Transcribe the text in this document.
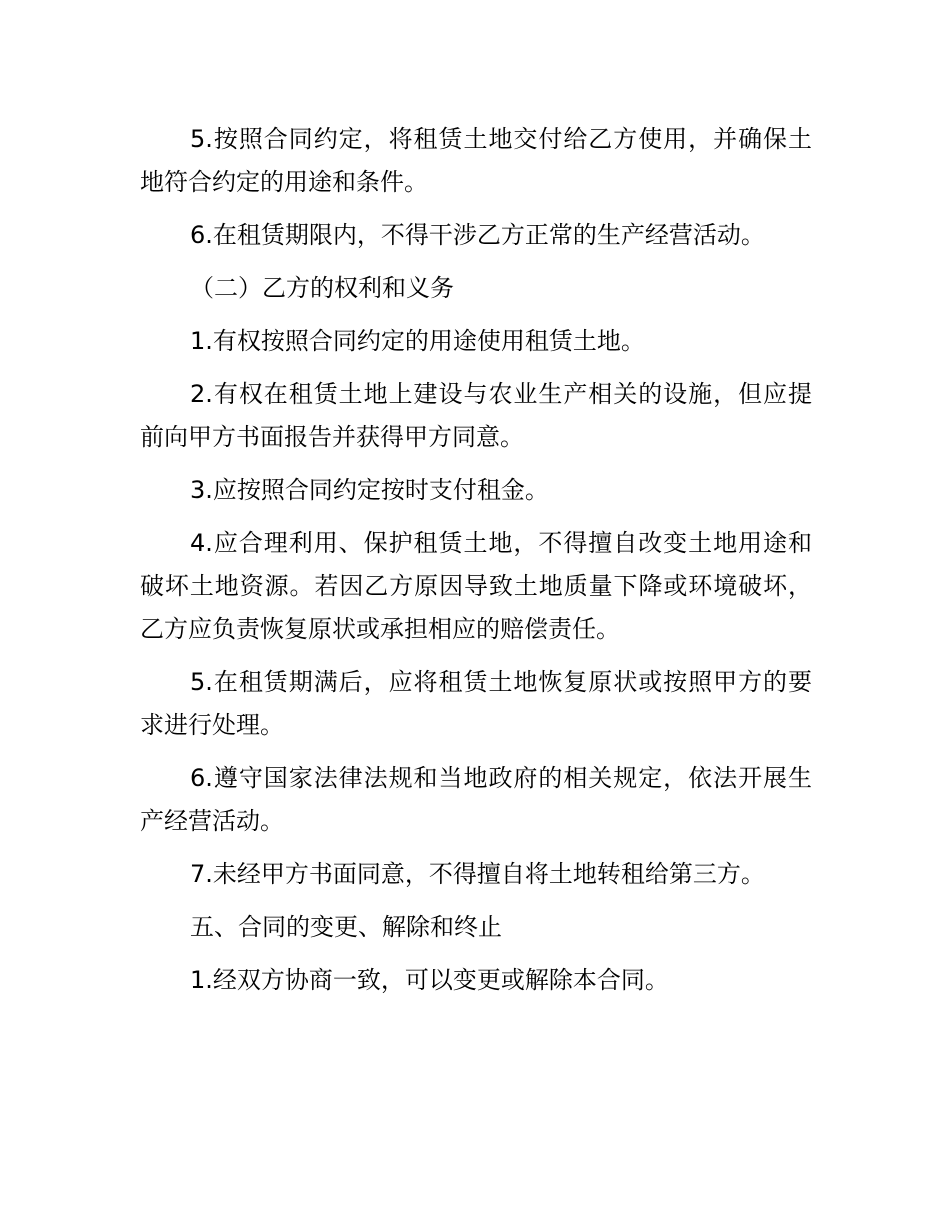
5.按照合同约定，将租赁土地交付给乙方使用，并确保土
地符合约定的用途和条件。
6.在租赁期限内，不得干涉乙方正常的生产经营活动。
（二）乙方的权利和义务
1.有权按照合同约定的用途使用租赁土地。
2.有权在租赁土地上建设与农业生产相关的设施，但应提
前向甲方书面报告并获得甲方同意。
3.应按照合同约定按时支付租金。
4.应合理利用、保护租赁土地，不得擅自改变土地用途和
破坏土地资源。若因乙方原因导致土地质量下降或环境破坏，
乙方应负责恢复原状或承担相应的赔偿责任。
5.在租赁期满后，应将租赁土地恢复原状或按照甲方的要
求进行处理。
6.遵守国家法律法规和当地政府的相关规定，依法开展生
产经营活动。
7.未经甲方书面同意，不得擅自将土地转租给第三方。
五、合同的变更、解除和终止
1.经双方协商一致，可以变更或解除本合同。
